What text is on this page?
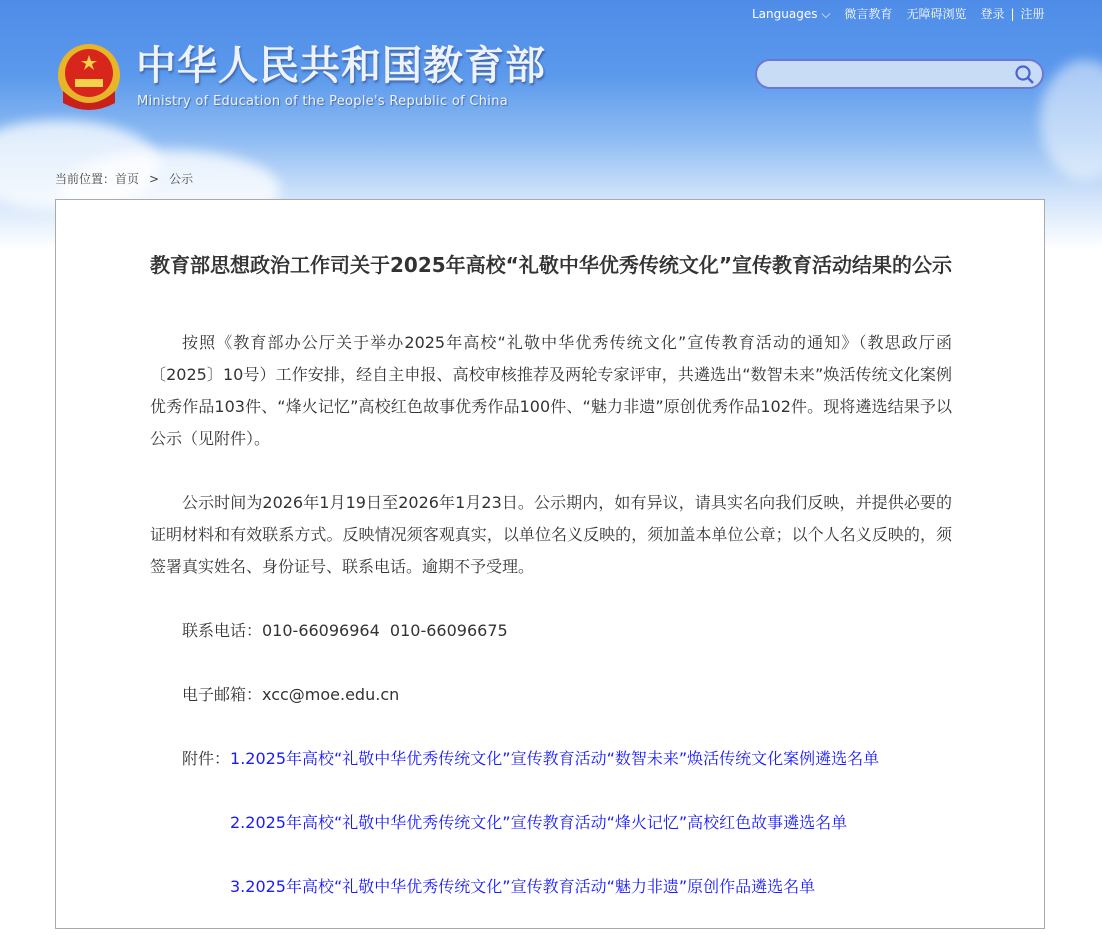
Languages ⌵ 微言教育 无障碍浏览 登录 | 注册
中华人民共和国教育部
Ministry of Education of the People's Republic of China
当前位置：首页 > 公示
教育部思想政治工作司关于2025年高校“礼敬中华优秀传统文化”宣传教育活动结果的公示
按照《教育部办公厅关于举办2025年高校“礼敬中华优秀传统文化”宣传教育活动的通知》（教思政厅函〔2025〕10号）工作安排，经自主申报、高校审核推荐及两轮专家评审，共遴选出“数智未来”焕活传统文化案例优秀作品103件、“烽火记忆”高校红色故事优秀作品100件、“魅力非遗”原创优秀作品102件。现将遴选结果予以公示（见附件）。
公示时间为2026年1月19日至2026年1月23日。公示期内，如有异议，请具实名向我们反映，并提供必要的证明材料和有效联系方式。反映情况须客观真实，以单位名义反映的，须加盖本单位公章；以个人名义反映的，须签署真实姓名、身份证号、联系电话。逾期不予受理。
联系电话：010-66096964  010-66096675
电子邮箱：xcc@moe.edu.cn
附件：1.2025年高校“礼敬中华优秀传统文化”宣传教育活动“数智未来”焕活传统文化案例遴选名单
2.2025年高校“礼敬中华优秀传统文化”宣传教育活动“烽火记忆”高校红色故事遴选名单
3.2025年高校“礼敬中华优秀传统文化”宣传教育活动“魅力非遗”原创作品遴选名单
